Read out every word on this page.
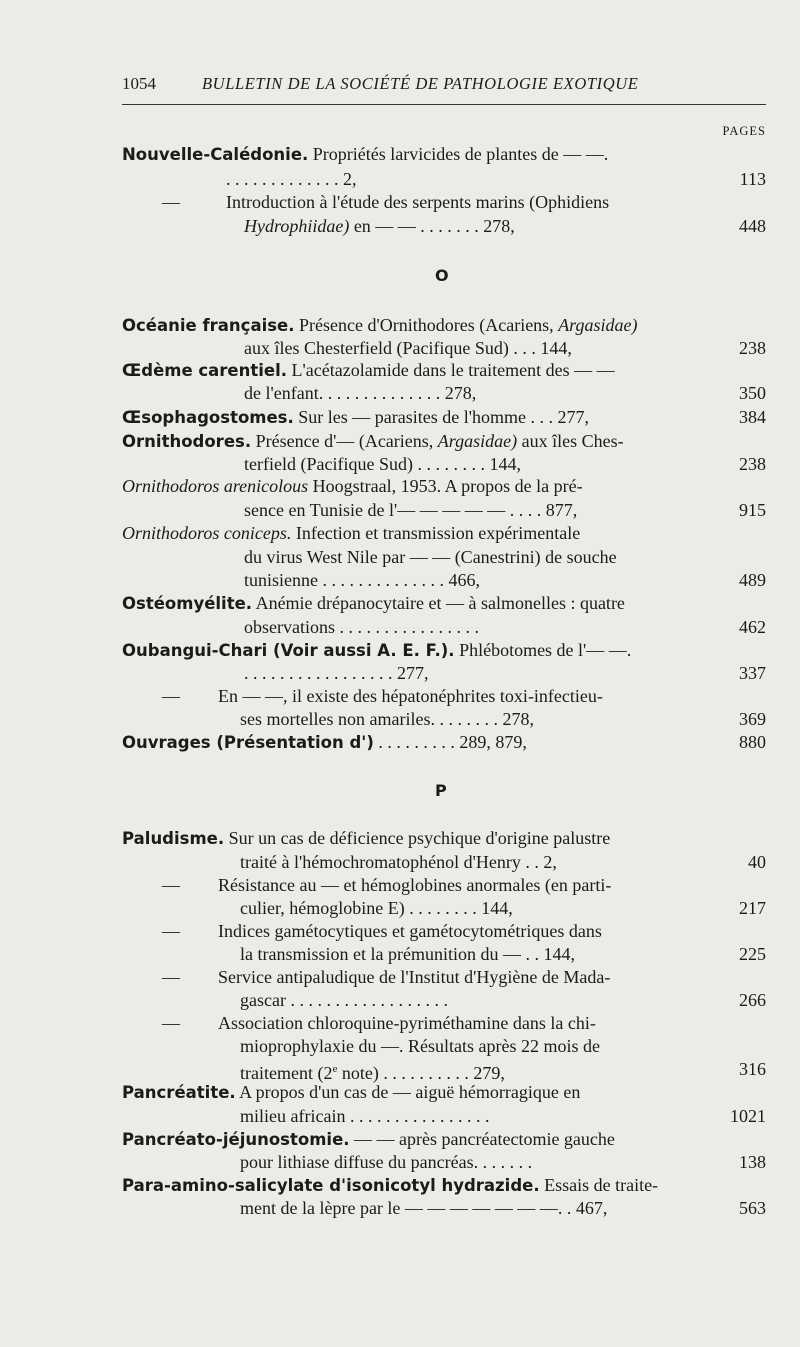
1054	BULLETIN DE LA SOCIÉTÉ DE PATHOLOGIE EXOTIQUE
PAGES
Nouvelle-Calédonie. Propriétés larvicides de plantes de — —.
. . . . . . . . . . . . . 2,	113
—	Introduction à l'étude des serpents marins (Ophidiens
Hydrophiidae) en — — . . . . . . . 278,	448
O
Océanie française. Présence d'Ornithodores (Acariens, Argasidae)
aux îles Chesterfield (Pacifique Sud) . . . 144,	238
Œdème carentiel. L'acétazolamide dans le traitement des — —
de l'enfant. . . . . . . . . . . . . . 278,	350
Œsophagostomes. Sur les — parasites de l'homme . . . 277,	384
Ornithodores. Présence d'— (Acariens, Argasidae) aux îles Ches-
terfield (Pacifique Sud) . . . . . . . . 144,	238
Ornithodoros arenicolous Hoogstraal, 1953. A propos de la pré-
sence en Tunisie de l'— — — — — . . . . 877,	915
Ornithodoros coniceps. Infection et transmission expérimentale
du virus West Nile par — — (Canestrini) de souche
tunisienne . . . . . . . . . . . . . . 466,	489
Ostéomyélite. Anémie drépanocytaire et — à salmonelles : quatre
observations . . . . . . . . . . . . . . . .	462
Oubangui-Chari (Voir aussi A. E. F.). Phlébotomes de l'— —.
. . . . . . . . . . . . . . . . . 277,	337
— En — —, il existe des hépatonéphrites toxi-infectieu-
ses mortelles non amariles. . . . . . . . 278,	369
Ouvrages (Présentation d') . . . . . . . . . 289, 879,	880
P
Paludisme. Sur un cas de déficience psychique d'origine palustre
traité à l'hémochromatophénol d'Henry . . 2,	40
— Résistance au — et hémoglobines anormales (en parti-
culier, hémoglobine E) . . . . . . . . 144,	217
— Indices gamétocytiques et gamétocytométriques dans
la transmission et la prémunition du — . . 144,	225
— Service antipaludique de l'Institut d'Hygiène de Mada-
gascar . . . . . . . . . . . . . . . . . .	266
— Association chloroquine-pyriméthamine dans la chi-
mioprophylaxie du —. Résultats après 22 mois de
traitement (2e note) . . . . . . . . . . 279,	316
Pancréatite. A propos d'un cas de — aiguë hémorragique en
milieu africain . . . . . . . . . . . . . . . .	1021
Pancréato-jéjunostomie. — — après pancréatectomie gauche
pour lithiase diffuse du pancréas. . . . . . .	138
Para-amino-salicylate d'isonicotyl hydrazide. Essais de traite-
ment de la lèpre par le — — — — — — —. . 467,	563
